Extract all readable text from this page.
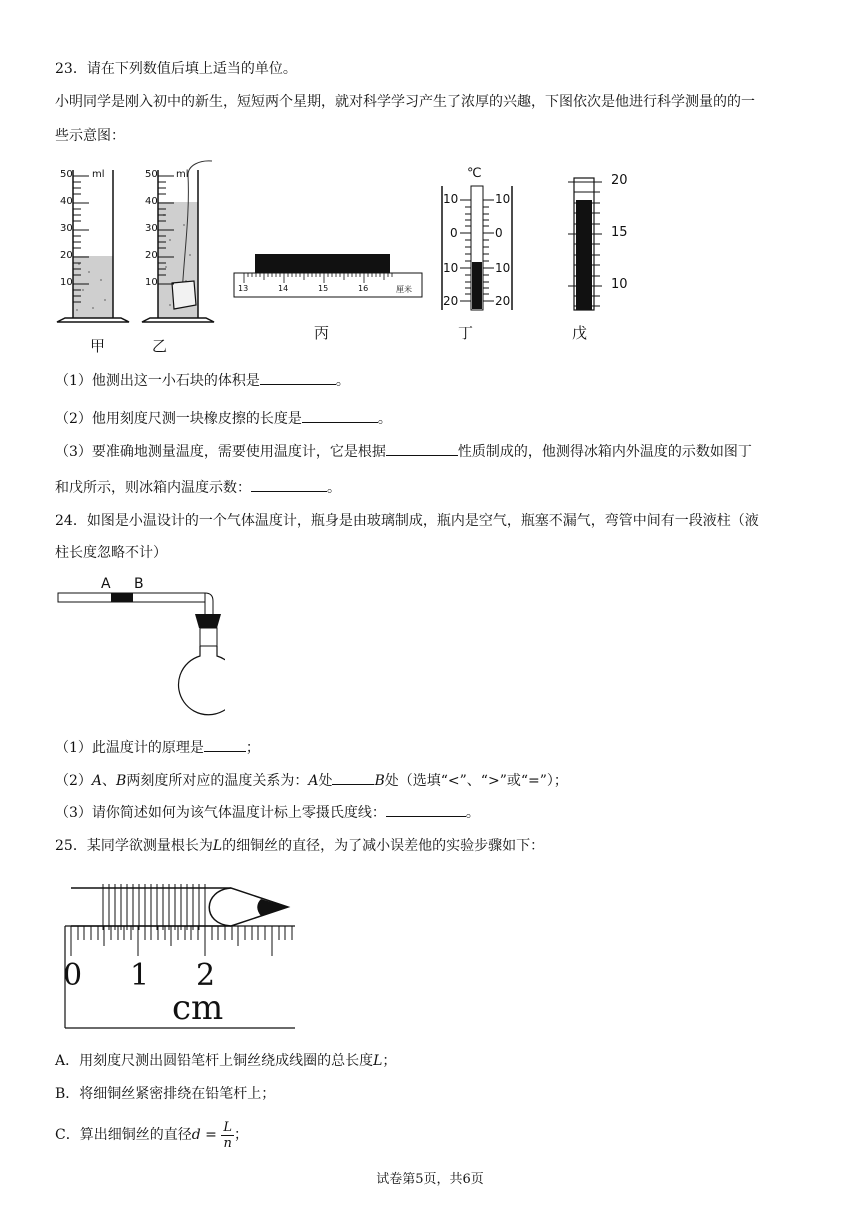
23．请在下列数值后填上适当的单位。
小明同学是刚入初中的新生，短短两个星期，就对科学学习产生了浓厚的兴趣，下图依次是他进行科学测量的的一
些示意图：
50
40
30
20
10
ml	50
40
30
20
10
ml
13	14	15	16	厘米
℃
10
0
10
20
10
0
10
20
20
15
10
甲	乙
丙	丁	戊
（1）他测出这一小石块的体积是	。
（2）他用刻度尺测一块橡皮擦的长度是	。
（3）要准确地测量温度，需要使用温度计，它是根据	性质制成的，他测得冰箱内外温度的示数如图丁
和戊所示，则冰箱内温度示数：	。
24．如图是小温设计的一个气体温度计，瓶身是由玻璃制成，瓶内是空气，瓶塞不漏气，弯管中间有一段液柱（液
柱长度忽略不计）
A B
（1）此温度计的原理是	；
（2）A、B两刻度所对应的温度关系为：A处	B处（选填“<”、“>”或“=”）；
（3）请你简述如何为该气体温度计标上零摄氏度线：	。
25．某同学欲测量根长为L的细铜丝的直径，为了减小误差他的实验步骤如下：
0 1 2
cm
A．用刻度尺测出圆铅笔杆上铜丝绕成线圈的总长度L；
B．将细铜丝紧密排绕在铅笔杆上；
C．算出细铜丝的直径$d = \frac{L}{n}$ ；
试卷第5页，共6页
